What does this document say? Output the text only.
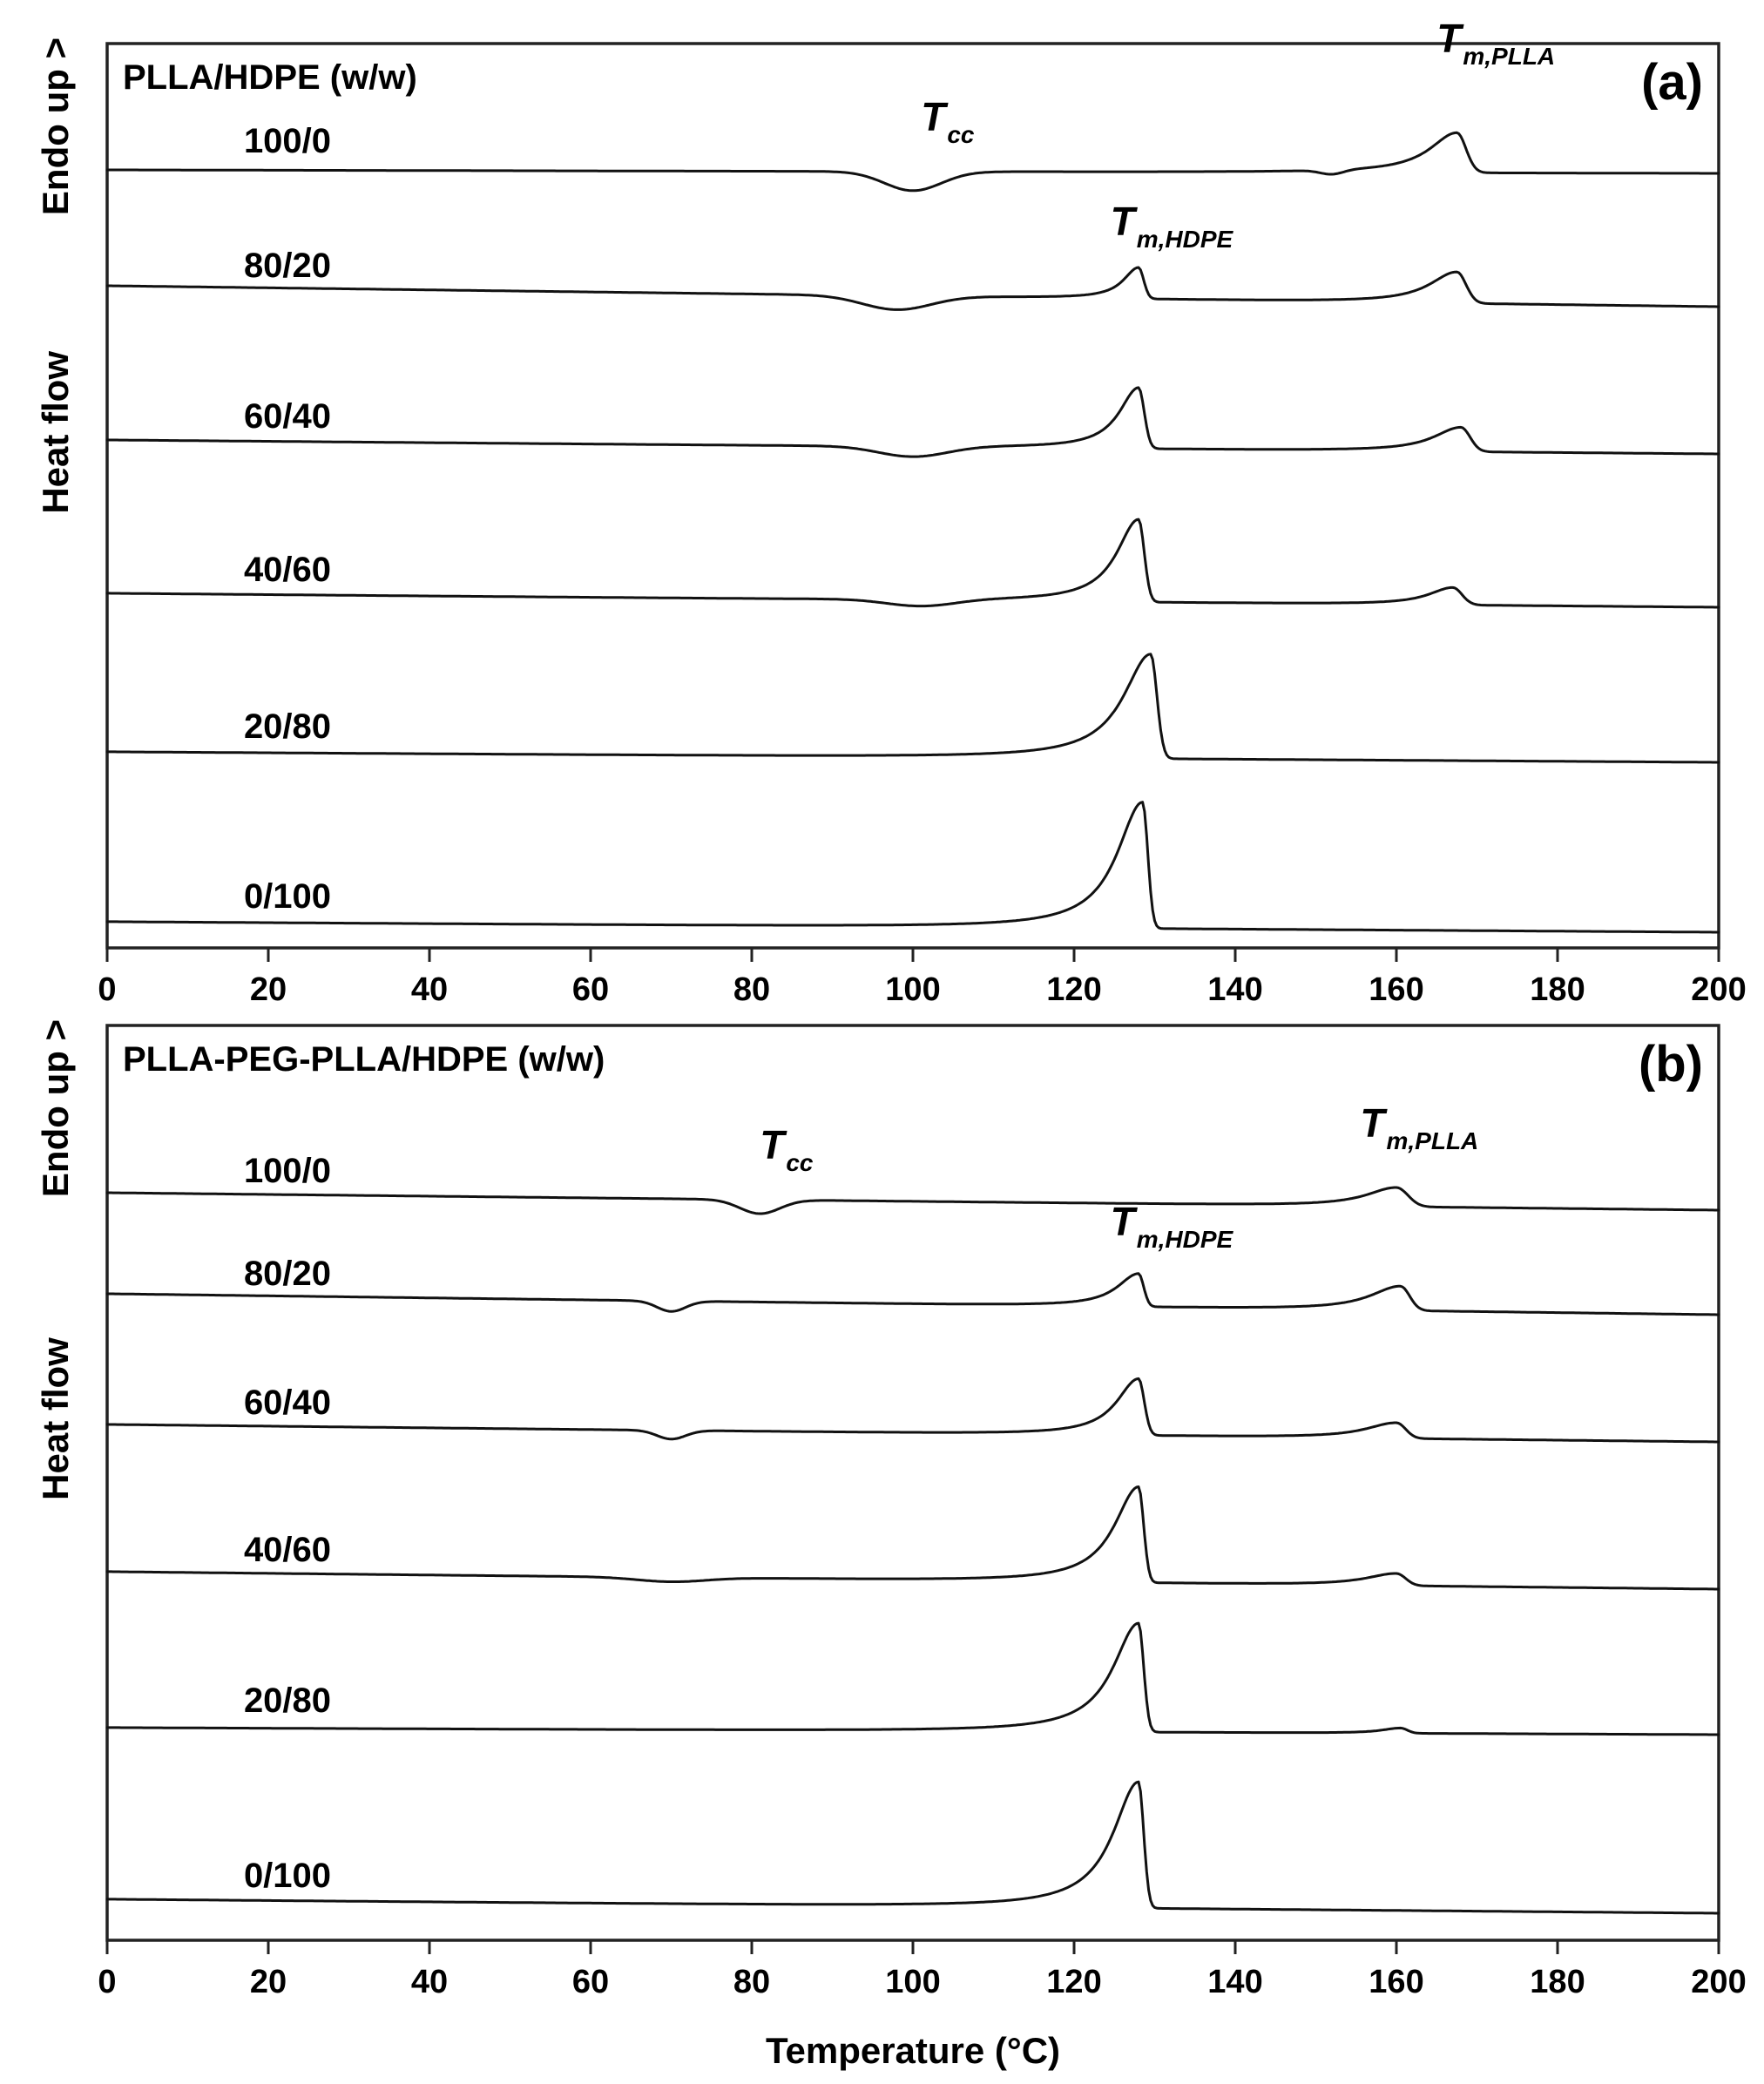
0	20	40	60	80	100	120	140	160	180	200
PLLA/HDPE (w/w)	(a)
Endo up >
Heat flow
100/0
80/20
60/40
40/60
20/80
0/100
$T_{cc}$
$T_{m,PLLA}$
$T_{m,HDPE}$
0	20	40	60	80	100	120	140	160	180	200
PLLA-PEG-PLLA/HDPE (w/w)	(b)
Endo up >
Heat flow
100/0
80/20
60/40
40/60
20/80
0/100
$T_{cc}$
$T_{m,PLLA}$
$T_{m,HDPE}$
Temperature (°C)
